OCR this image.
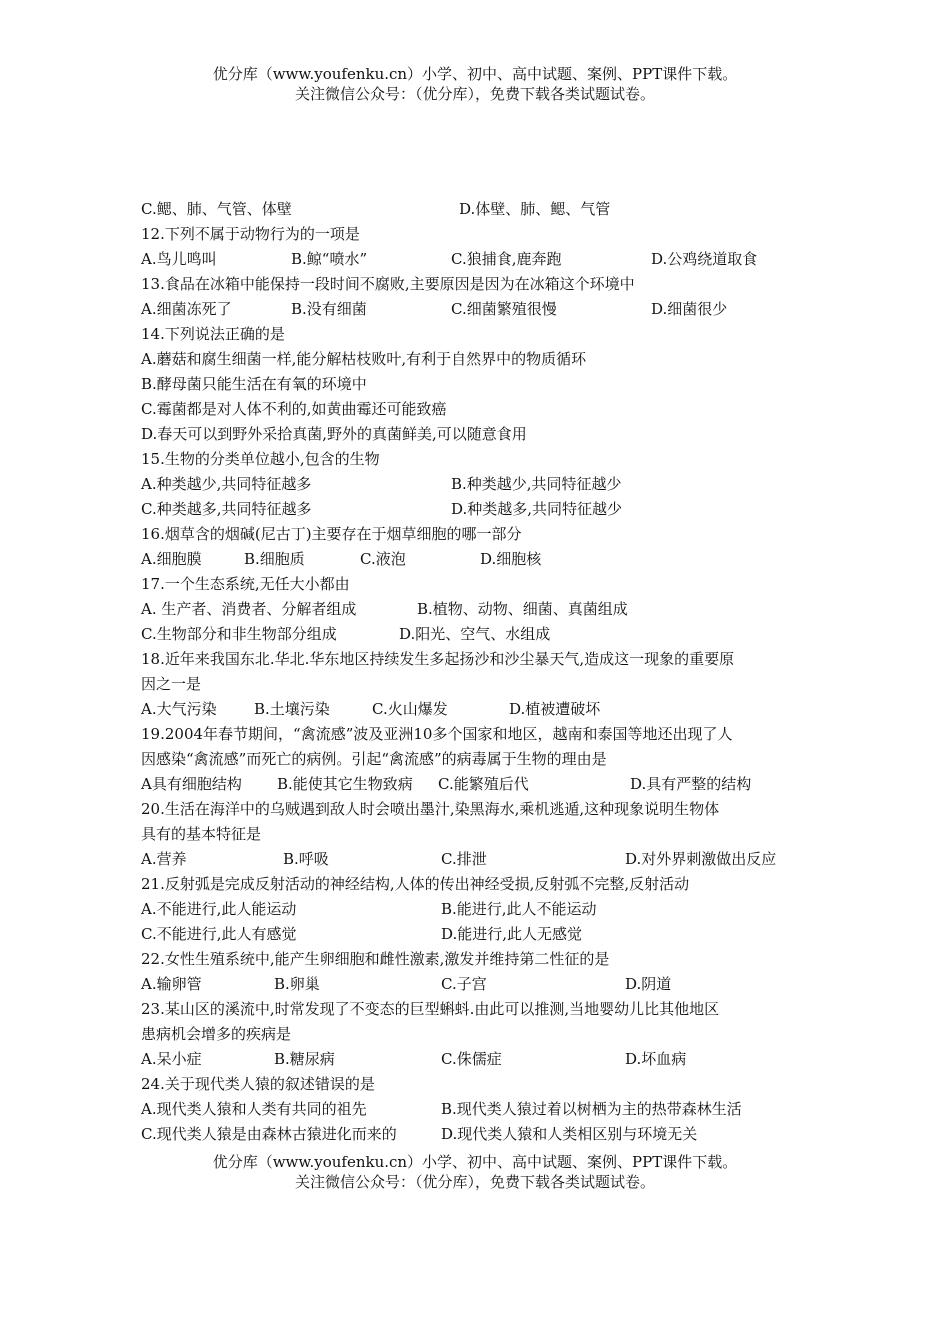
优分库（www.youfenku.cn）小学、初中、高中试题、案例、PPT课件下载。
关注微信公众号：（优分库），免费下载各类试题试卷。
C.鳃、肺、气管、体壁	D.体壁、肺、鳃、气管
12.下列不属于动物行为的一项是
A.鸟儿鸣叫	B.鲸“喷水”	C.狼捕食,鹿奔跑	D.公鸡绕道取食
13.食品在冰箱中能保持一段时间不腐败,主要原因是因为在冰箱这个环境中
A.细菌冻死了	B.没有细菌	C.细菌繁殖很慢	D.细菌很少
14.下列说法正确的是
A.蘑菇和腐生细菌一样,能分解枯枝败叶,有利于自然界中的物质循环
B.酵母菌只能生活在有氧的环境中
C.霉菌都是对人体不利的,如黄曲霉还可能致癌
D.春天可以到野外采拾真菌,野外的真菌鲜美,可以随意食用
15.生物的分类单位越小,包含的生物
A.种类越少,共同特征越多	B.种类越少,共同特征越少
C.种类越多,共同特征越多	D.种类越多,共同特征越少
16.烟草含的烟碱(尼古丁)主要存在于烟草细胞的哪一部分
A.细胞膜	B.细胞质	C.液泡	D.细胞核
17.一个生态系统,无任大小都由
A. 生产者、消费者、分解者组成	B.植物、动物、细菌、真菌组成
C.生物部分和非生物部分组成	D.阳光、空气、水组成
18.近年来我国东北.华北.华东地区持续发生多起扬沙和沙尘暴天气,造成这一现象的重要原
因之一是
A.大气污染 B.土壤污染	C.火山爆发	D.植被遭破坏
19.2004年春节期间，“禽流感”波及亚洲10多个国家和地区，越南和泰国等地还出现了人
因感染“禽流感”而死亡的病例。引起“禽流感”的病毒属于生物的理由是
A具有细胞结构 B.能使其它生物致病 C.能繁殖后代	D.具有严整的结构
20.生活在海洋中的乌贼遇到敌人时会喷出墨汁,染黑海水,乘机逃遁,这种现象说明生物体
具有的基本特征是
A.营养	B.呼吸	C.排泄	D.对外界刺激做出反应
21.反射弧是完成反射活动的神经结构,人体的传出神经受损,反射弧不完整,反射活动
A.不能进行,此人能运动	B.能进行,此人不能运动
C.不能进行,此人有感觉	D.能进行,此人无感觉
22.女性生殖系统中,能产生卵细胞和雌性激素,激发并维持第二性征的是
A.输卵管	B.卵巢	C.子宫	D.阴道
23.某山区的溪流中,时常发现了不变态的巨型蝌蚪.由此可以推测,当地婴幼儿比其他地区
患病机会增多的疾病是
A.呆小症	B.糖尿病	C.侏儒症	D.坏血病
24.关于现代类人猿的叙述错误的是
A.现代类人猿和人类有共同的祖先	B.现代类人猿过着以树栖为主的热带森林生活
C.现代类人猿是由森林古猿进化而来的	D.现代类人猿和人类相区别与环境无关
优分库（www.youfenku.cn）小学、初中、高中试题、案例、PPT课件下载。
关注微信公众号：（优分库），免费下载各类试题试卷。
